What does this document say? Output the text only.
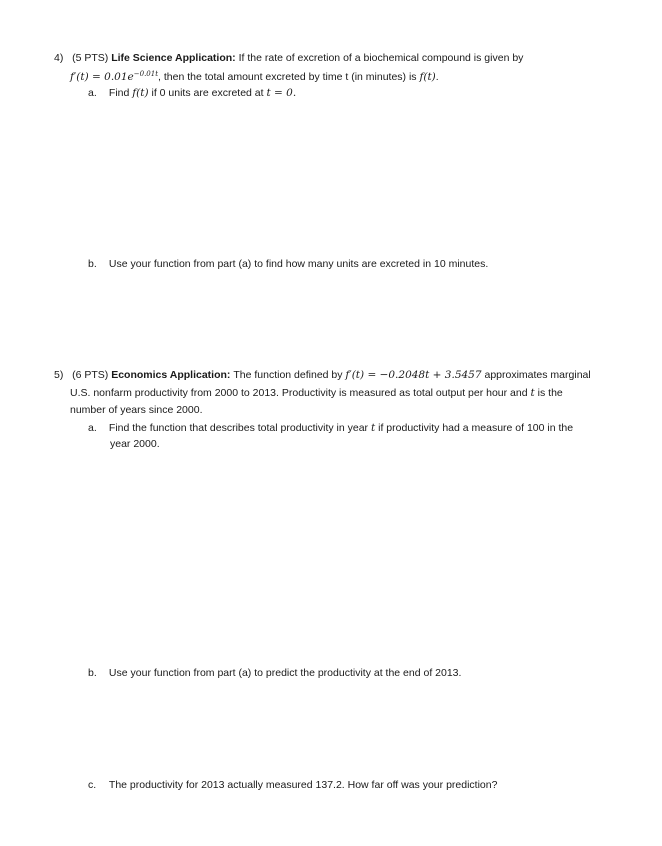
4) (5 PTS) Life Science Application: If the rate of excretion of a biochemical compound is given by
$f'(t) = 0.01e^{-0.01t}$, then the total amount excreted by time t (in minutes) is f(t).
a. Find f(t) if 0 units are excreted at t = 0.
b. Use your function from part (a) to find how many units are excreted in 10 minutes.
5) (6 PTS) Economics Application: The function defined by f′(t) = −0.2048t + 3.5457 approximates marginal
U.S. nonfarm productivity from 2000 to 2013. Productivity is measured as total output per hour and t is the
number of years since 2000.
a. Find the function that describes total productivity in year t if productivity had a measure of 100 in the
year 2000.
b. Use your function from part (a) to predict the productivity at the end of 2013.
c. The productivity for 2013 actually measured 137.2. How far off was your prediction?
